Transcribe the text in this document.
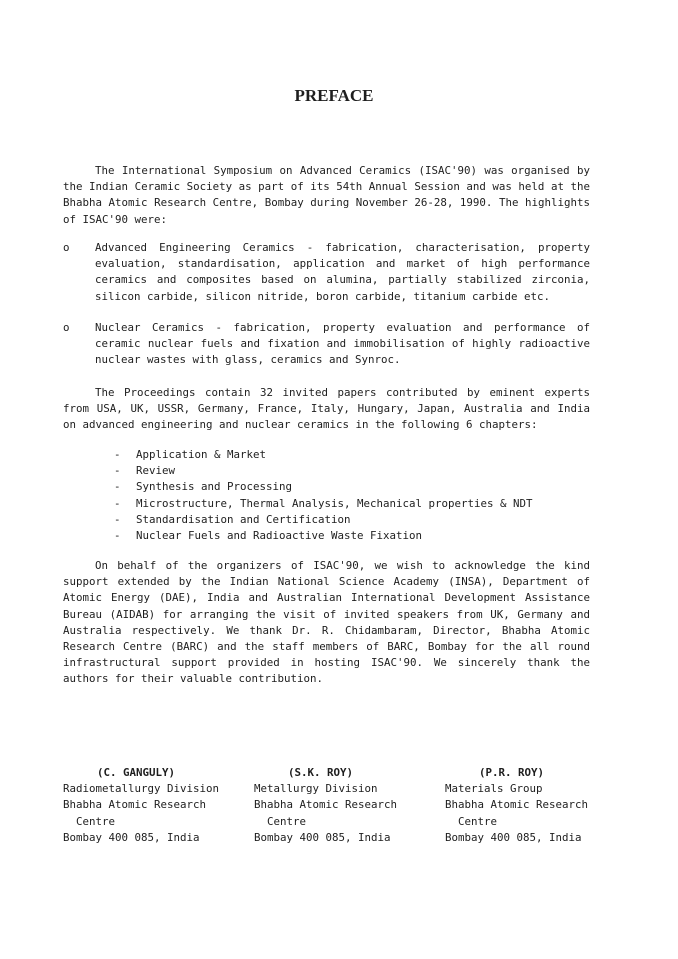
PREFACE

The International Symposium on Advanced Ceramics (ISAC'90) was organised by the Indian Ceramic Society as part of its 54th Annual Session and was held at the Bhabha Atomic Research Centre, Bombay during November 26-28, 1990. The highlights of ISAC'90 were:

o Advanced Engineering Ceramics - fabrication, characterisation, property evaluation, standardisation, application and market of high performance ceramics and composites based on alumina, partially stabilized zirconia, silicon carbide, silicon nitride, boron carbide, titanium carbide etc.

o Nuclear Ceramics - fabrication, property evaluation and performance of ceramic nuclear fuels and fixation and immobilisation of highly radioactive nuclear wastes with glass, ceramics and Synroc.

The Proceedings contain 32 invited papers contributed by eminent experts from USA, UK, USSR, Germany, France, Italy, Hungary, Japan, Australia and India on advanced engineering and nuclear ceramics in the following 6 chapters:

- Application & Market
- Review
- Synthesis and Processing
- Microstructure, Thermal Analysis, Mechanical properties & NDT
- Standardisation and Certification
- Nuclear Fuels and Radioactive Waste Fixation

On behalf of the organizers of ISAC'90, we wish to acknowledge the kind support extended by the Indian National Science Academy (INSA), Department of Atomic Energy (DAE), India and Australian International Development Assistance Bureau (AIDAB) for arranging the visit of invited speakers from UK, Germany and Australia respectively. We thank Dr. R. Chidambaram, Director, Bhabha Atomic Research Centre (BARC) and the staff members of BARC, Bombay for the all round infrastructural support provided in hosting ISAC'90. We sincerely thank the authors for their valuable contribution.

(C. GANGULY)
Radiometallurgy Division
Bhabha Atomic Research
Centre
Bombay 400 085, India
(S.K. ROY)
Metallurgy Division
Bhabha Atomic Research
Centre
Bombay 400 085, India
(P.R. ROY)
Materials Group
Bhabha Atomic Research
Centre
Bombay 400 085, India
